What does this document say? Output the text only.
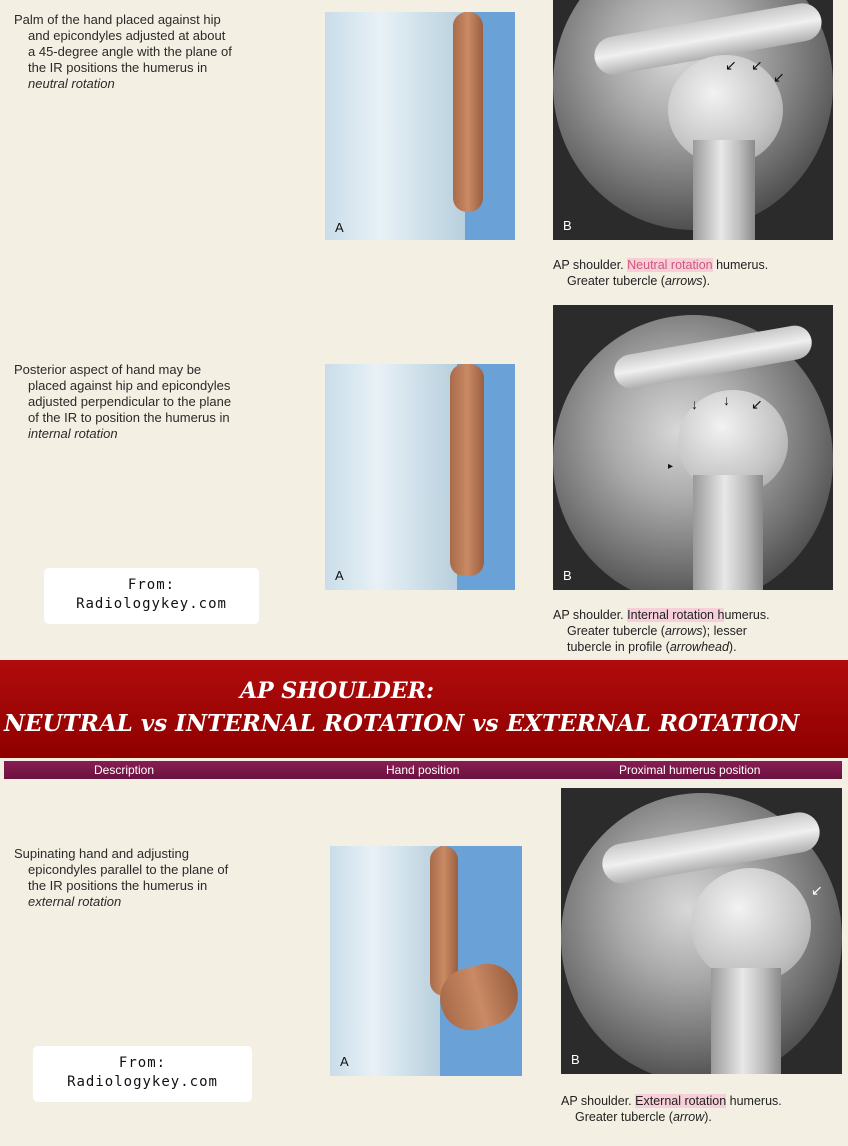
Palm of the hand placed against hip
and epicondyles adjusted at about
a 45-degree angle with the plane of
the IR positions the humerus in
neutral rotation
A
↙ ↙
↙
B
AP shoulder. Neutral rotation humerus.
Greater tubercle (arrows).
Posterior aspect of hand may be
placed against hip and epicondyles
adjusted perpendicular to the plane
of the IR to position the humerus in
internal rotation
A
↓ ↓ ↙
▸
B
AP shoulder. Internal rotation humerus.
Greater tubercle (arrows); lesser
tubercle in profile (arrowhead).
From:
Radiologykey.com
AP SHOULDER:
NEUTRAL vs INTERNAL ROTATION vs EXTERNAL ROTATION
Description	Hand position	Proximal humerus position
Supinating hand and adjusting
epicondyles parallel to the plane of
the IR positions the humerus in
external rotation
A
↙
B
AP shoulder. External rotation humerus.
Greater tubercle (arrow).
From:
Radiologykey.com
